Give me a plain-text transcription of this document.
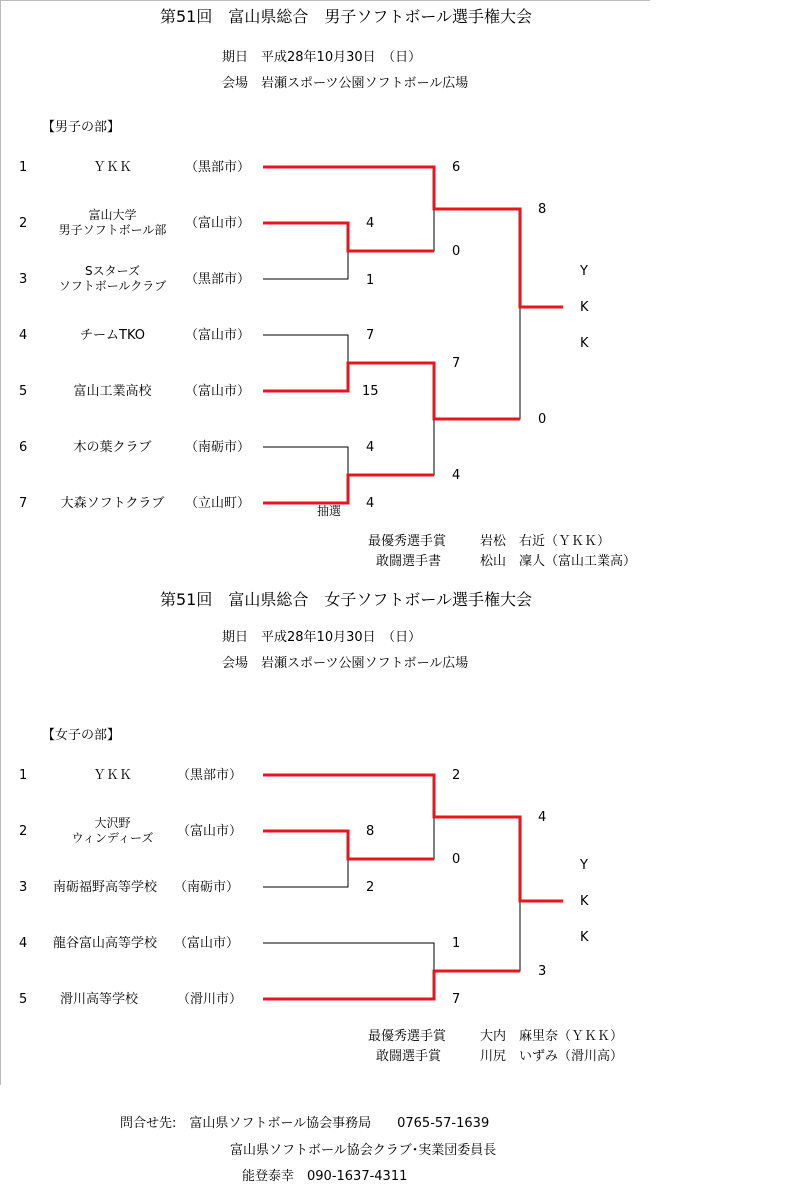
第51回　富山県総合　男子ソフトボール選手権大会
期日　平成28年10月30日　（日）
会場　岩瀬スポーツ公園ソフトボール広場
【男子の部】
1	ＹＫＫ	（黒部市）
2
富山大学
男子ソフトボール部	（富山市）
3
Sスターズ
ソフトボールクラブ	（黒部市）
4	チームTKO	（富山市）
5	富山工業高校	（富山市）
6	木の葉クラブ	（南砺市）
7	大森ソフトクラブ	（立山町）
4
1
7
15
4
4
抽選
6
0
7
4
8
0
Y
K
K
最優秀選手賞	岩松　右近（ＹＫＫ）
敢闘選手書	松山　凜人（富山工業高）
第51回　富山県総合　女子ソフトボール選手権大会
期日　平成28年10月30日　（日）
会場　岩瀬スポーツ公園ソフトボール広場
【女子の部】
1	ＹＫＫ	（黒部市）
2
大沢野
ウィンディーズ	（富山市）
3 南砺福野高等学校 （南砺市）
4 龍谷富山高等学校 （富山市）
5	滑川高等学校	（滑川市）
8
2
2
0
1
7
4
3
Y
K
K
最優秀選手賞	大内　麻里奈（ＹＫＫ）
敢闘選手賞	川尻　いずみ（滑川高）
問合せ先:　富山県ソフトボール協会事務局　　0765-57-1639
富山県ソフトボール協会クラブ･実業団委員長
能登泰幸　090-1637-4311
